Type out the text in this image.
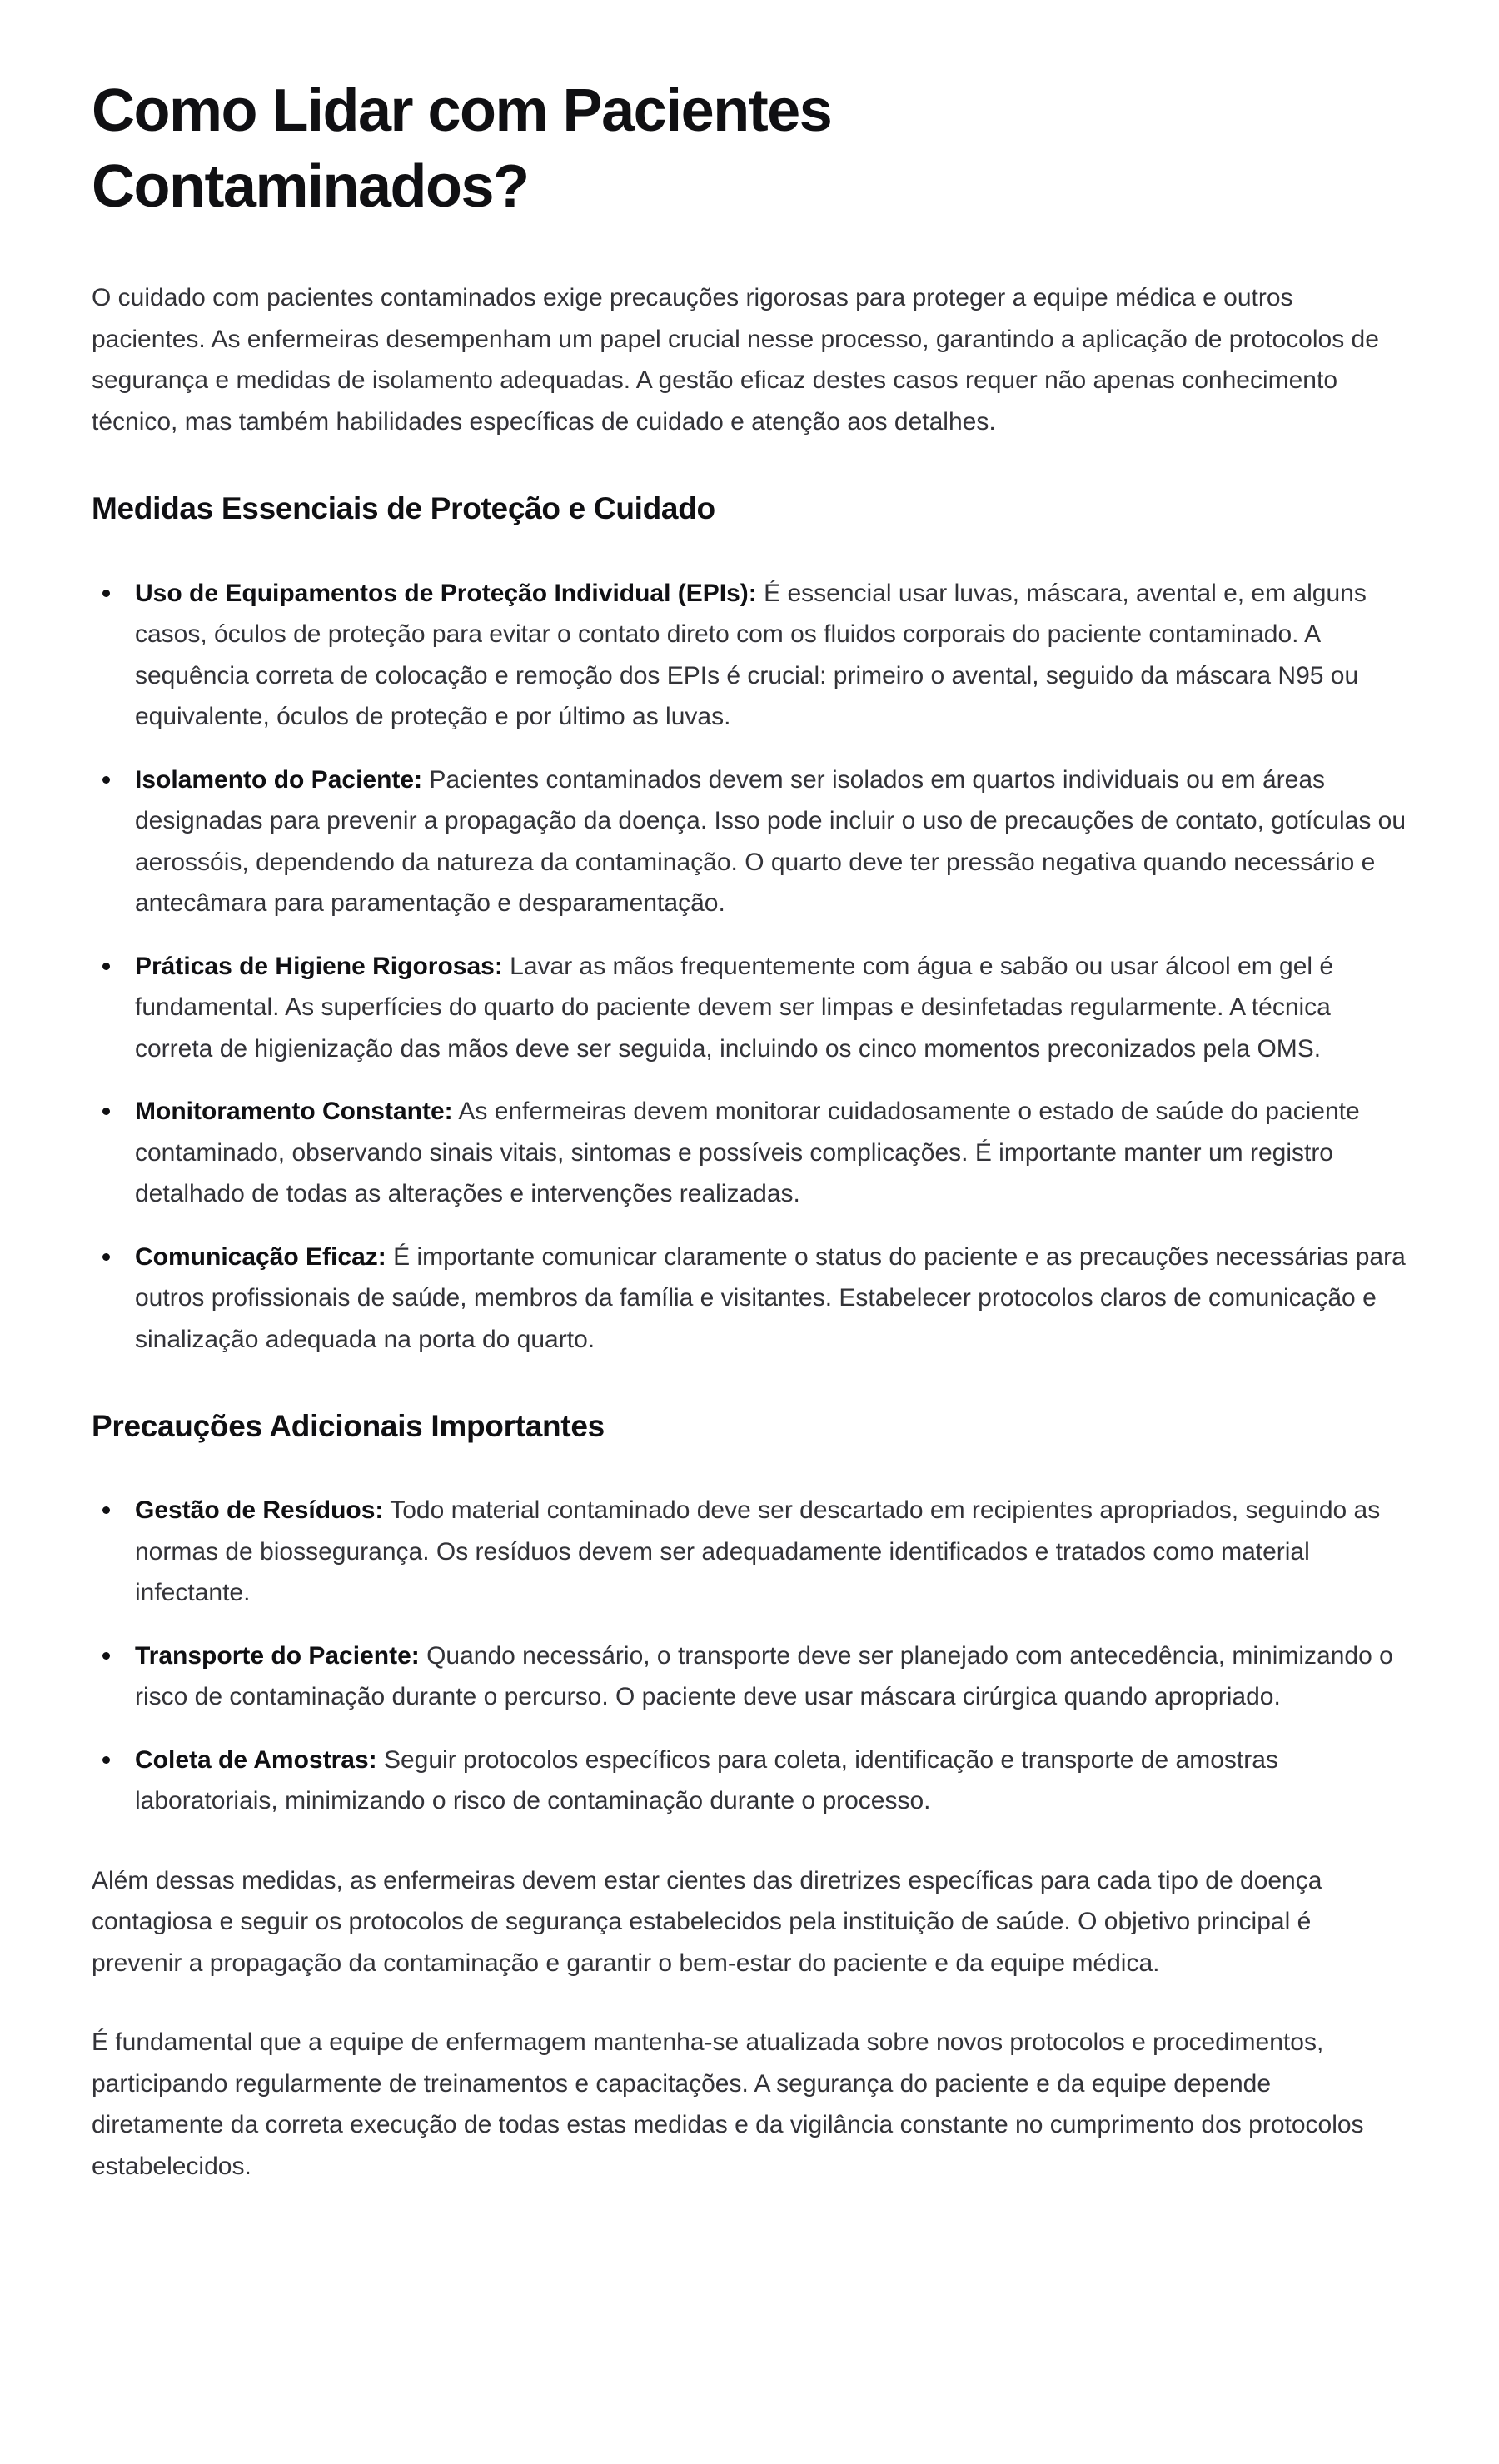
Como Lidar com Pacientes Contaminados?

O cuidado com pacientes contaminados exige precauções rigorosas para proteger a equipe médica e outros pacientes. As enfermeiras desempenham um papel crucial nesse processo, garantindo a aplicação de protocolos de segurança e medidas de isolamento adequadas. A gestão eficaz destes casos requer não apenas conhecimento técnico, mas também habilidades específicas de cuidado e atenção aos detalhes.

Medidas Essenciais de Proteção e Cuidado
Uso de Equipamentos de Proteção Individual (EPIs): É essencial usar luvas, máscara, avental e, em alguns casos, óculos de proteção para evitar o contato direto com os fluidos corporais do paciente contaminado. A sequência correta de colocação e remoção dos EPIs é crucial: primeiro o avental, seguido da máscara N95 ou equivalente, óculos de proteção e por último as luvas.
Isolamento do Paciente: Pacientes contaminados devem ser isolados em quartos individuais ou em áreas designadas para prevenir a propagação da doença. Isso pode incluir o uso de precauções de contato, gotículas ou aerossóis, dependendo da natureza da contaminação. O quarto deve ter pressão negativa quando necessário e antecâmara para paramentação e desparamentação.
Práticas de Higiene Rigorosas: Lavar as mãos frequentemente com água e sabão ou usar álcool em gel é fundamental. As superfícies do quarto do paciente devem ser limpas e desinfetadas regularmente. A técnica correta de higienização das mãos deve ser seguida, incluindo os cinco momentos preconizados pela OMS.
Monitoramento Constante: As enfermeiras devem monitorar cuidadosamente o estado de saúde do paciente contaminado, observando sinais vitais, sintomas e possíveis complicações. É importante manter um registro detalhado de todas as alterações e intervenções realizadas.
Comunicação Eficaz: É importante comunicar claramente o status do paciente e as precauções necessárias para outros profissionais de saúde, membros da família e visitantes. Estabelecer protocolos claros de comunicação e sinalização adequada na porta do quarto.
Precauções Adicionais Importantes
Gestão de Resíduos: Todo material contaminado deve ser descartado em recipientes apropriados, seguindo as normas de biossegurança. Os resíduos devem ser adequadamente identificados e tratados como material infectante.
Transporte do Paciente: Quando necessário, o transporte deve ser planejado com antecedência, minimizando o risco de contaminação durante o percurso. O paciente deve usar máscara cirúrgica quando apropriado.
Coleta de Amostras: Seguir protocolos específicos para coleta, identificação e transporte de amostras laboratoriais, minimizando o risco de contaminação durante o processo.

Além dessas medidas, as enfermeiras devem estar cientes das diretrizes específicas para cada tipo de doença contagiosa e seguir os protocolos de segurança estabelecidos pela instituição de saúde. O objetivo principal é prevenir a propagação da contaminação e garantir o bem-estar do paciente e da equipe médica.

É fundamental que a equipe de enfermagem mantenha-se atualizada sobre novos protocolos e procedimentos, participando regularmente de treinamentos e capacitações. A segurança do paciente e da equipe depende diretamente da correta execução de todas estas medidas e da vigilância constante no cumprimento dos protocolos estabelecidos.
